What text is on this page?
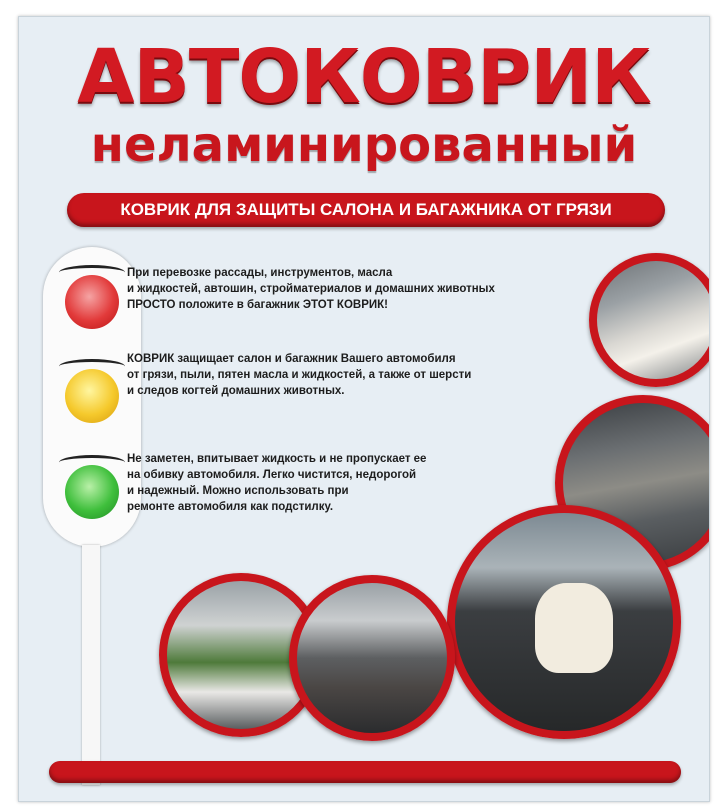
АВТОКОВРИК
неламинированный
КОВРИК ДЛЯ ЗАЩИТЫ САЛОНА И БАГАЖНИКА ОТ ГРЯЗИ

При перевозке рассады, инструментов, масла

и жидкостей, автошин, стройматериалов и домашних животных

ПРОСТО положите в багажник ЭТОТ КОВРИК!

КОВРИК защищает салон и багажник Вашего автомобиля

от грязи, пыли, пятен масла и жидкостей, а также от шерсти

и следов когтей домашних животных.

Не заметен, впитывает жидкость и не пропускает ее

на обивку автомобиля. Легко чистится, недорогой

и надежный. Можно использовать при

ремонте автомобиля как подстилку.
